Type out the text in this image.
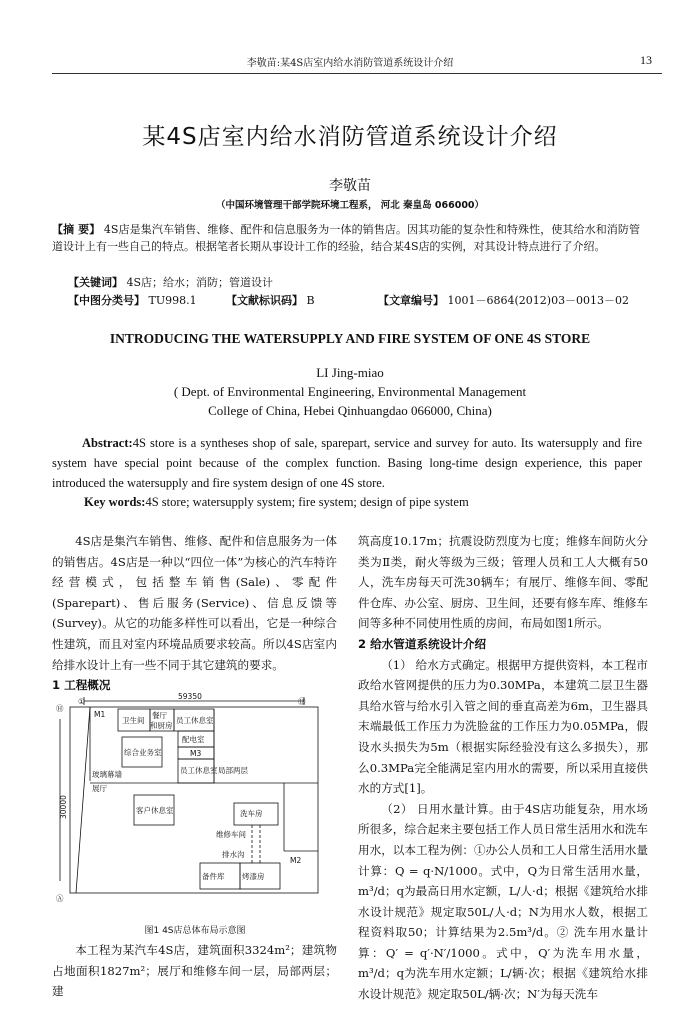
李敬苗:某4S店室内给水消防管道系统设计介绍	13
某4S店室内给水消防管道系统设计介绍
李敬苗
（中国环境管理干部学院环境工程系， 河北 秦皇岛 066000）
【摘 要】 4S店是集汽车销售、维修、配件和信息服务为一体的销售店。因其功能的复杂性和特殊性，使其给水和消防管道设计上有一些自己的特点。根据笔者长期从事设计工作的经验，结合某4S店的实例，对其设计特点进行了介绍。
【关键词】 4S店；给水；消防；管道设计
【中图分类号】 TU998.1	【文献标识码】 B	【文章编号】 1001－6864(2012)03－0013－02
INTRODUCING THE WATERSUPPLY AND FIRE SYSTEM OF ONE 4S STORE
LI Jing-miao
( Dept. of Environmental Engineering, Environmental Management
College of China, Hebei Qinhuangdao 066000, China)
Abstract:4S store is a syntheses shop of sale, sparepart, service and survey for auto. Its watersupply and fire system have special point because of the complex function. Basing long-time design experience, this paper introduced the watersupply and fire system design of one 4S store.
Key words:4S store; watersupply system; fire system; design of pipe system

4S店是集汽车销售、维修、配件和信息服务为一体的销售店。4S店是一种以“四位一体”为核心的汽车特许经营模式，包括整车销售(Sale)、零配件(Sparepart)、售后服务(Service)、信息反馈等(Survey)。从它的功能多样性可以看出，它是一种综合性建筑，而且对室内环境品质要求较高。所以4S店室内给排水设计上有一些不同于其它建筑的要求。

1 工程概况

①	⑫
Ⓗ
Ⓐ
59350
30000
M1
卫生间
餐厅
和厨房
员工休息室
配电室
综合业务室	M3
员工休息室 局部两层
玻璃幕墙
展厅
客户休息室	洗车房
维修车间
排水沟
M2
备件库 烤漆房
图1 4S店总体布局示意图

本工程为某汽车4S店，建筑面积3324m²；建筑物占地面积1827m²；展厅和维修车间一层，局部两层；建

筑高度10.17m；抗震设防烈度为七度；维修车间防火分类为Ⅱ类，耐火等级为三级；管理人员和工人大概有50人，洗车房每天可洗30辆车；有展厅、维修车间、零配件仓库、办公室、厨房、卫生间，还要有修车库、维修车间等多种不同使用性质的房间，布局如图1所示。

2 给水管道系统设计介绍

（1） 给水方式确定。根据甲方提供资料，本工程市政给水管网提供的压力为0.30MPa，本建筑二层卫生器具给水管与给水引入管之间的垂直高差为6m，卫生器具末端最低工作压力为洗脸盆的工作压力为0.05MPa，假设水头损失为5m（根据实际经验没有这么多损失），那么0.3MPa完全能满足室内用水的需要，所以采用直接供水的方式[1]。

（2） 日用水量计算。由于4S店功能复杂，用水场所很多，综合起来主要包括工作人员日常生活用水和洗车用水，以本工程为例：①办公人员和工人日常生活用水量计算：Q = q·N/1000。式中，Q为日常生活用水量，m³/d；q为最高日用水定额，L/人·d；根据《建筑给水排水设计规范》规定取50L/人·d；N为用水人数，根据工程资料取50；计算结果为2.5m³/d。② 洗车用水量计算：Q′ = q′·N′/1000。式中，Q′为洗车用水量，m³/d；q为洗车用水定额；L/辆·次；根据《建筑给水排水设计规范》规定取50L/辆·次；N′为每天洗车
